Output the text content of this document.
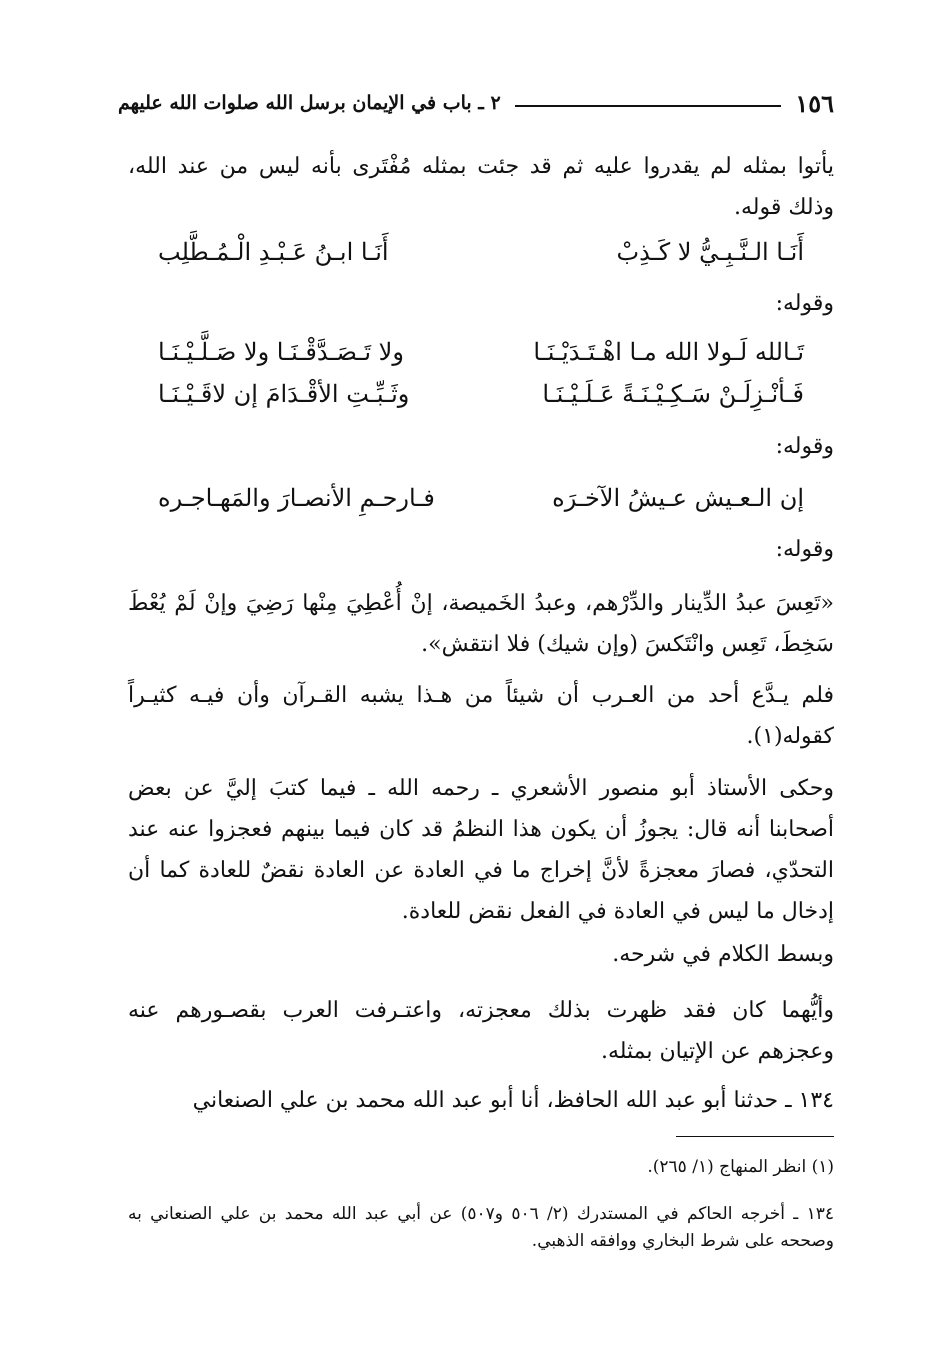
١٥٦
٢ ـ باب في الإيمان برسل الله صلوات الله عليهم
يأتوا بمثله لم يقدروا عليه ثم قد جئت بمثله مُفْتَرى بأنه ليس من عند الله، وذلك قوله.
أَنَـا الـنَّـبِـيُّ لا كَـذِبْ
أَنَـا ابـنُ عَـبْـدِ الْـمُـطَّلِب
وقوله:
تَـالله لَـولا الله مـا اهْـتَـدَيْـنَـا
ولا تَـصَـدَّقْـنَـا ولا صَـلَّـيْـنَـا
فَـأنْـزِلَـنْ سَـكِـيْـنَـةً عَـلَـيْـنَـا
وثَـبِّـتِ الأقْـدَامَ إن لاقَـيْـنَـا
وقوله:
إن الـعـيش عـيشُ الآخـرَه
فـارحـمِ الأنصـارَ والمَهـاجـره
وقوله:
«تَعِسَ عبدُ الدِّينار والدِّرْهم، وعبدُ الخَميصة، إنْ أُعْطِيَ مِنْها رَضِيَ وإنْ لَمْ يُعْطَ سَخِطَ، تَعِس وانْتَكسَ (وإن شيك) فلا انتقش».
فلم يـدَّع أحد من العـرب أن شيئاً من هـذا يشبه القـرآن وأن فيـه كثيـراً كقوله(١).
وحكى الأستاذ أبو منصور الأشعري ـ رحمه الله ـ فيما كتبَ إليَّ عن بعض أصحابنا أنه قال: يجوزُ أن يكون هذا النظمُ قد كان فيما بينهم فعجزوا عنه عند التحدّي، فصارَ معجزةً لأنَّ إخراج ما في العادة عن العادة نقضٌ للعادة كما أن إدخال ما ليس في العادة في الفعل نقض للعادة.
وبسط الكلام في شرحه.
وأيُّهما كان فقد ظهرت بذلك معجزته، واعتـرفت العرب بقصـورهم عنه وعجزهم عن الإتيان بمثله.
١٣٤ ـ حدثنا أبو عبد الله الحافظ، أنا أبو عبد الله محمد بن علي الصنعاني
(١) انظر المنهاج (١/ ٢٦٥).
١٣٤ ـ أخرجه الحاكم في المستدرك (٢/ ٥٠٦ و٥٠٧) عن أبي عبد الله محمد بن علي الصنعاني به وصححه على شرط البخاري ووافقه الذهبي.
